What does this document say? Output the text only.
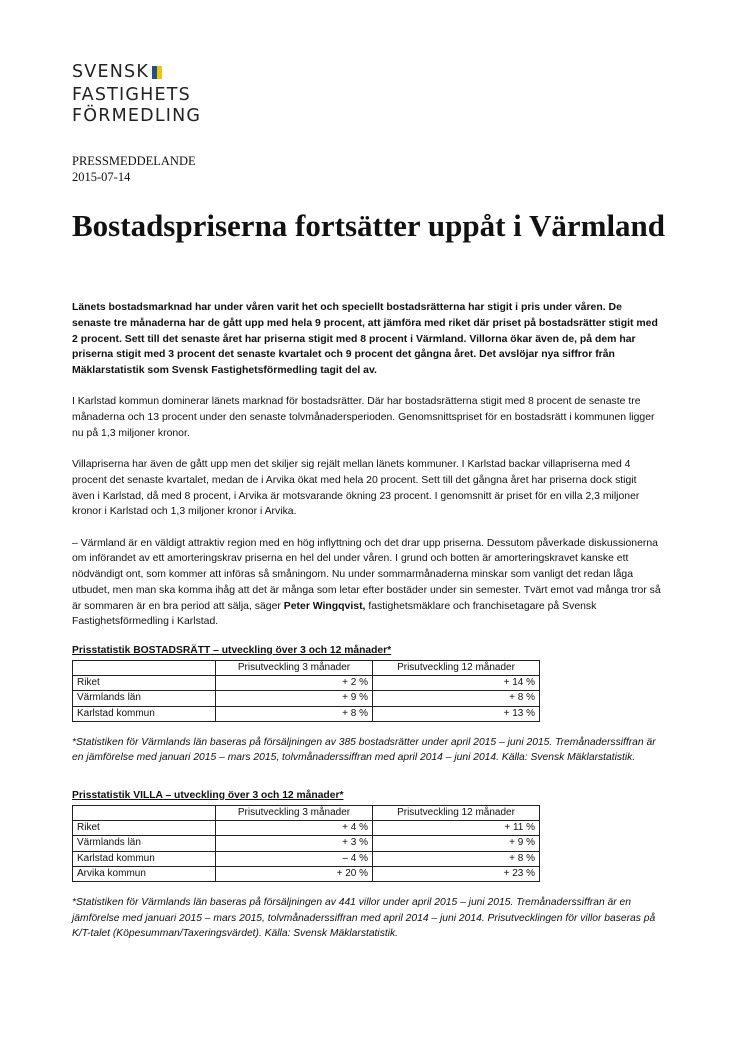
SVENSK
FASTIGHETS
FÖRMEDLING
PRESSMEDDELANDE
2015-07-14
Bostadspriserna fortsätter uppåt i Värmland

Länets bostadsmarknad har under våren varit het och speciellt bostadsrätterna har stigit i pris under våren. De senaste tre månaderna har de gått upp med hela 9 procent, att jämföra med riket där priset på bostadsrätter stigit med 2 procent. Sett till det senaste året har priserna stigit med 8 procent i Värmland. Villorna ökar även de, på dem har priserna stigit med 3 procent det senaste kvartalet och 9 procent det gångna året. Det avslöjar nya siffror från Mäklarstatistik som Svensk Fastighetsförmedling tagit del av.

I Karlstad kommun dominerar länets marknad för bostadsrätter. Där har bostadsrätterna stigit med 8 procent de senaste tre månaderna och 13 procent under den senaste tolvmånadersperioden. Genomsnittspriset för en bostadsrätt i kommunen ligger nu på 1,3 miljoner kronor.

Villapriserna har även de gått upp men det skiljer sig rejält mellan länets kommuner. I Karlstad backar villapriserna med 4 procent det senaste kvartalet, medan de i Arvika ökat med hela 20 procent. Sett till det gångna året har priserna dock stigit även i Karlstad, då med 8 procent, i Arvika är motsvarande ökning 23 procent. I genomsnitt är priset för en villa 2,3 miljoner kronor i Karlstad och 1,3 miljoner kronor i Arvika.

– Värmland är en väldigt attraktiv region med en hög inflyttning och det drar upp priserna. Dessutom påverkade diskussionerna om införandet av ett amorteringskrav priserna en hel del under våren. I grund och botten är amorteringskravet kanske ett nödvändigt ont, som kommer att införas så småningom. Nu under sommarmånaderna minskar som vanligt det redan låga utbudet, men man ska komma ihåg att det är många som letar efter bostäder under sin semester. Tvärt emot vad många tror så är sommaren är en bra period att sälja, säger Peter Wingqvist, fastighetsmäklare och franchisetagare på Svensk Fastighetsförmedling i Karlstad.

Prisstatistik BOSTADSRÄTT – utveckling över 3 och 12 månader*
	Prisutveckling 3 månader	Prisutveckling 12 månader
Riket	+ 2 %	+ 14 %
Värmlands län	+ 9 %	+ 8 %
Karlstad kommun	+ 8 %	+ 13 %
*Statistiken för Värmlands län baseras på försäljningen av 385 bostadsrätter under april 2015 – juni 2015. Tremånaderssiffran är en jämförelse med januari 2015 – mars 2015, tolvmånaderssiffran med april 2014 – juni 2014. Källa: Svensk Mäklarstatistik.
Prisstatistik VILLA – utveckling över 3 och 12 månader*
	Prisutveckling 3 månader	Prisutveckling 12 månader
Riket	+ 4 %	+ 11 %
Värmlands län	+ 3 %	+ 9 %
Karlstad kommun	– 4 %	+ 8 %
Arvika kommun	+ 20 %	+ 23 %
*Statistiken för Värmlands län baseras på försäljningen av 441 villor under april 2015 – juni 2015. Tremånaderssiffran är en jämförelse med januari 2015 – mars 2015, tolvmånaderssiffran med april 2014 – juni 2014. Prisutvecklingen för villor baseras på K/T-talet (Köpesumman/Taxeringsvärdet). Källa: Svensk Mäklarstatistik.
